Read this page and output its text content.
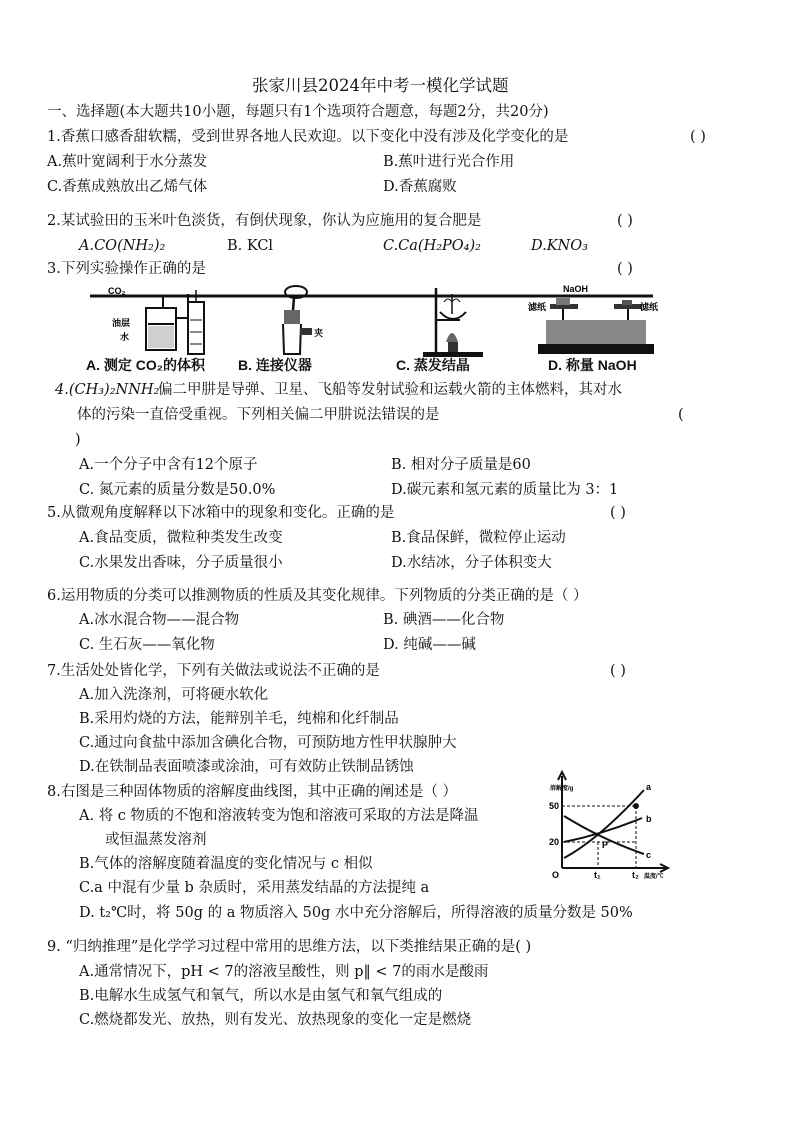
张家川县2024年中考一模化学试题
一、选择题(本大题共10小题，每题只有1个选项符合题意，每题2分，共20分)
1.香蕉口感香甜软糯，受到世界各地人民欢迎。以下变化中没有涉及化学变化的是	( )
A.蕉叶宽阔利于水分蒸发	B.蕉叶进行光合作用
C.香蕉成熟放出乙烯气体	D.香蕉腐败
2.某试验田的玉米叶色淡货，有倒伏现象，你认为应施用的复合肥是	( )
A.CO(NH₂)₂	B. KCl	C.Ca(H₂PO₄)₂	D.KNO₃
3.下列实验操作正确的是	( )
CO₂
油层
水	夹
NaOH
滤纸	滤纸
A. 测定 CO₂的体积 B. 连接仪器	C. 蒸发结晶	D. 称量 NaOH
4.(CH₃)₂NNH₂
偏二甲肼是导弹、卫星、飞船等发射试验和运载火箭的主体燃料，其对水
体的污染一直倍受重视。下列相关偏二甲肼说法错误的是	(
)
A.一个分子中含有12个原子	B. 相对分子质量是60
C. 氮元素的质量分数是50.0%	D.碳元素和氢元素的质量比为 3：1
5.从微观角度解释以下冰箱中的现象和变化。正确的是	( )
A.食品变质，微粒种类发生改变	B.食品保鲜，微粒停止运动
C.水果发出香味，分子质量很小	D.水结冰，分子体积变大
6.运用物质的分类可以推测物质的性质及其变化规律。下列物质的分类正确的是（ ）
A.冰水混合物——混合物	B. 碘酒——化合物
C. 生石灰——氧化物	D. 纯碱——碱
7.生活处处皆化学，下列有关做法或说法不正确的是	( )
A.加入洗涤剂，可将硬水软化
B.采用灼烧的方法，能辩别羊毛，纯棉和化纤制品
C.通过向食盐中添加含碘化合物，可预防地方性甲状腺肿大
D.在铁制品表面喷漆或涂油，可有效防止铁制品锈蚀
8.右图是三种固体物质的溶解度曲线图，其中正确的阐述是（ ）
A. 将 c 物质的不饱和溶液转变为饱和溶液可采取的方法是降温
或恒温蒸发溶剂
B.气体的溶解度随着温度的变化情况与 c 相似
C.a 中混有少量 b 杂质时，采用蒸发结晶的方法提纯 a
D. t₂℃时，将 50g 的 a 物质溶入 50g 水中充分溶解后，所得溶液的质量分数是 50%
溶解度/g
50
20
O	t₁	t₂ 温度/℃
a
b
c
P
9. “归纳推理”是化学学习过程中常用的思维方法，以下类推结果正确的是( )
A.通常情况下，pH < 7的溶液呈酸性，则 p‖ < 7的雨水是酸雨
B.电解水生成氢气和氧气，所以水是由氢气和氧气组成的
C.燃烧都发光、放热，则有发光、放热现象的变化一定是燃烧
